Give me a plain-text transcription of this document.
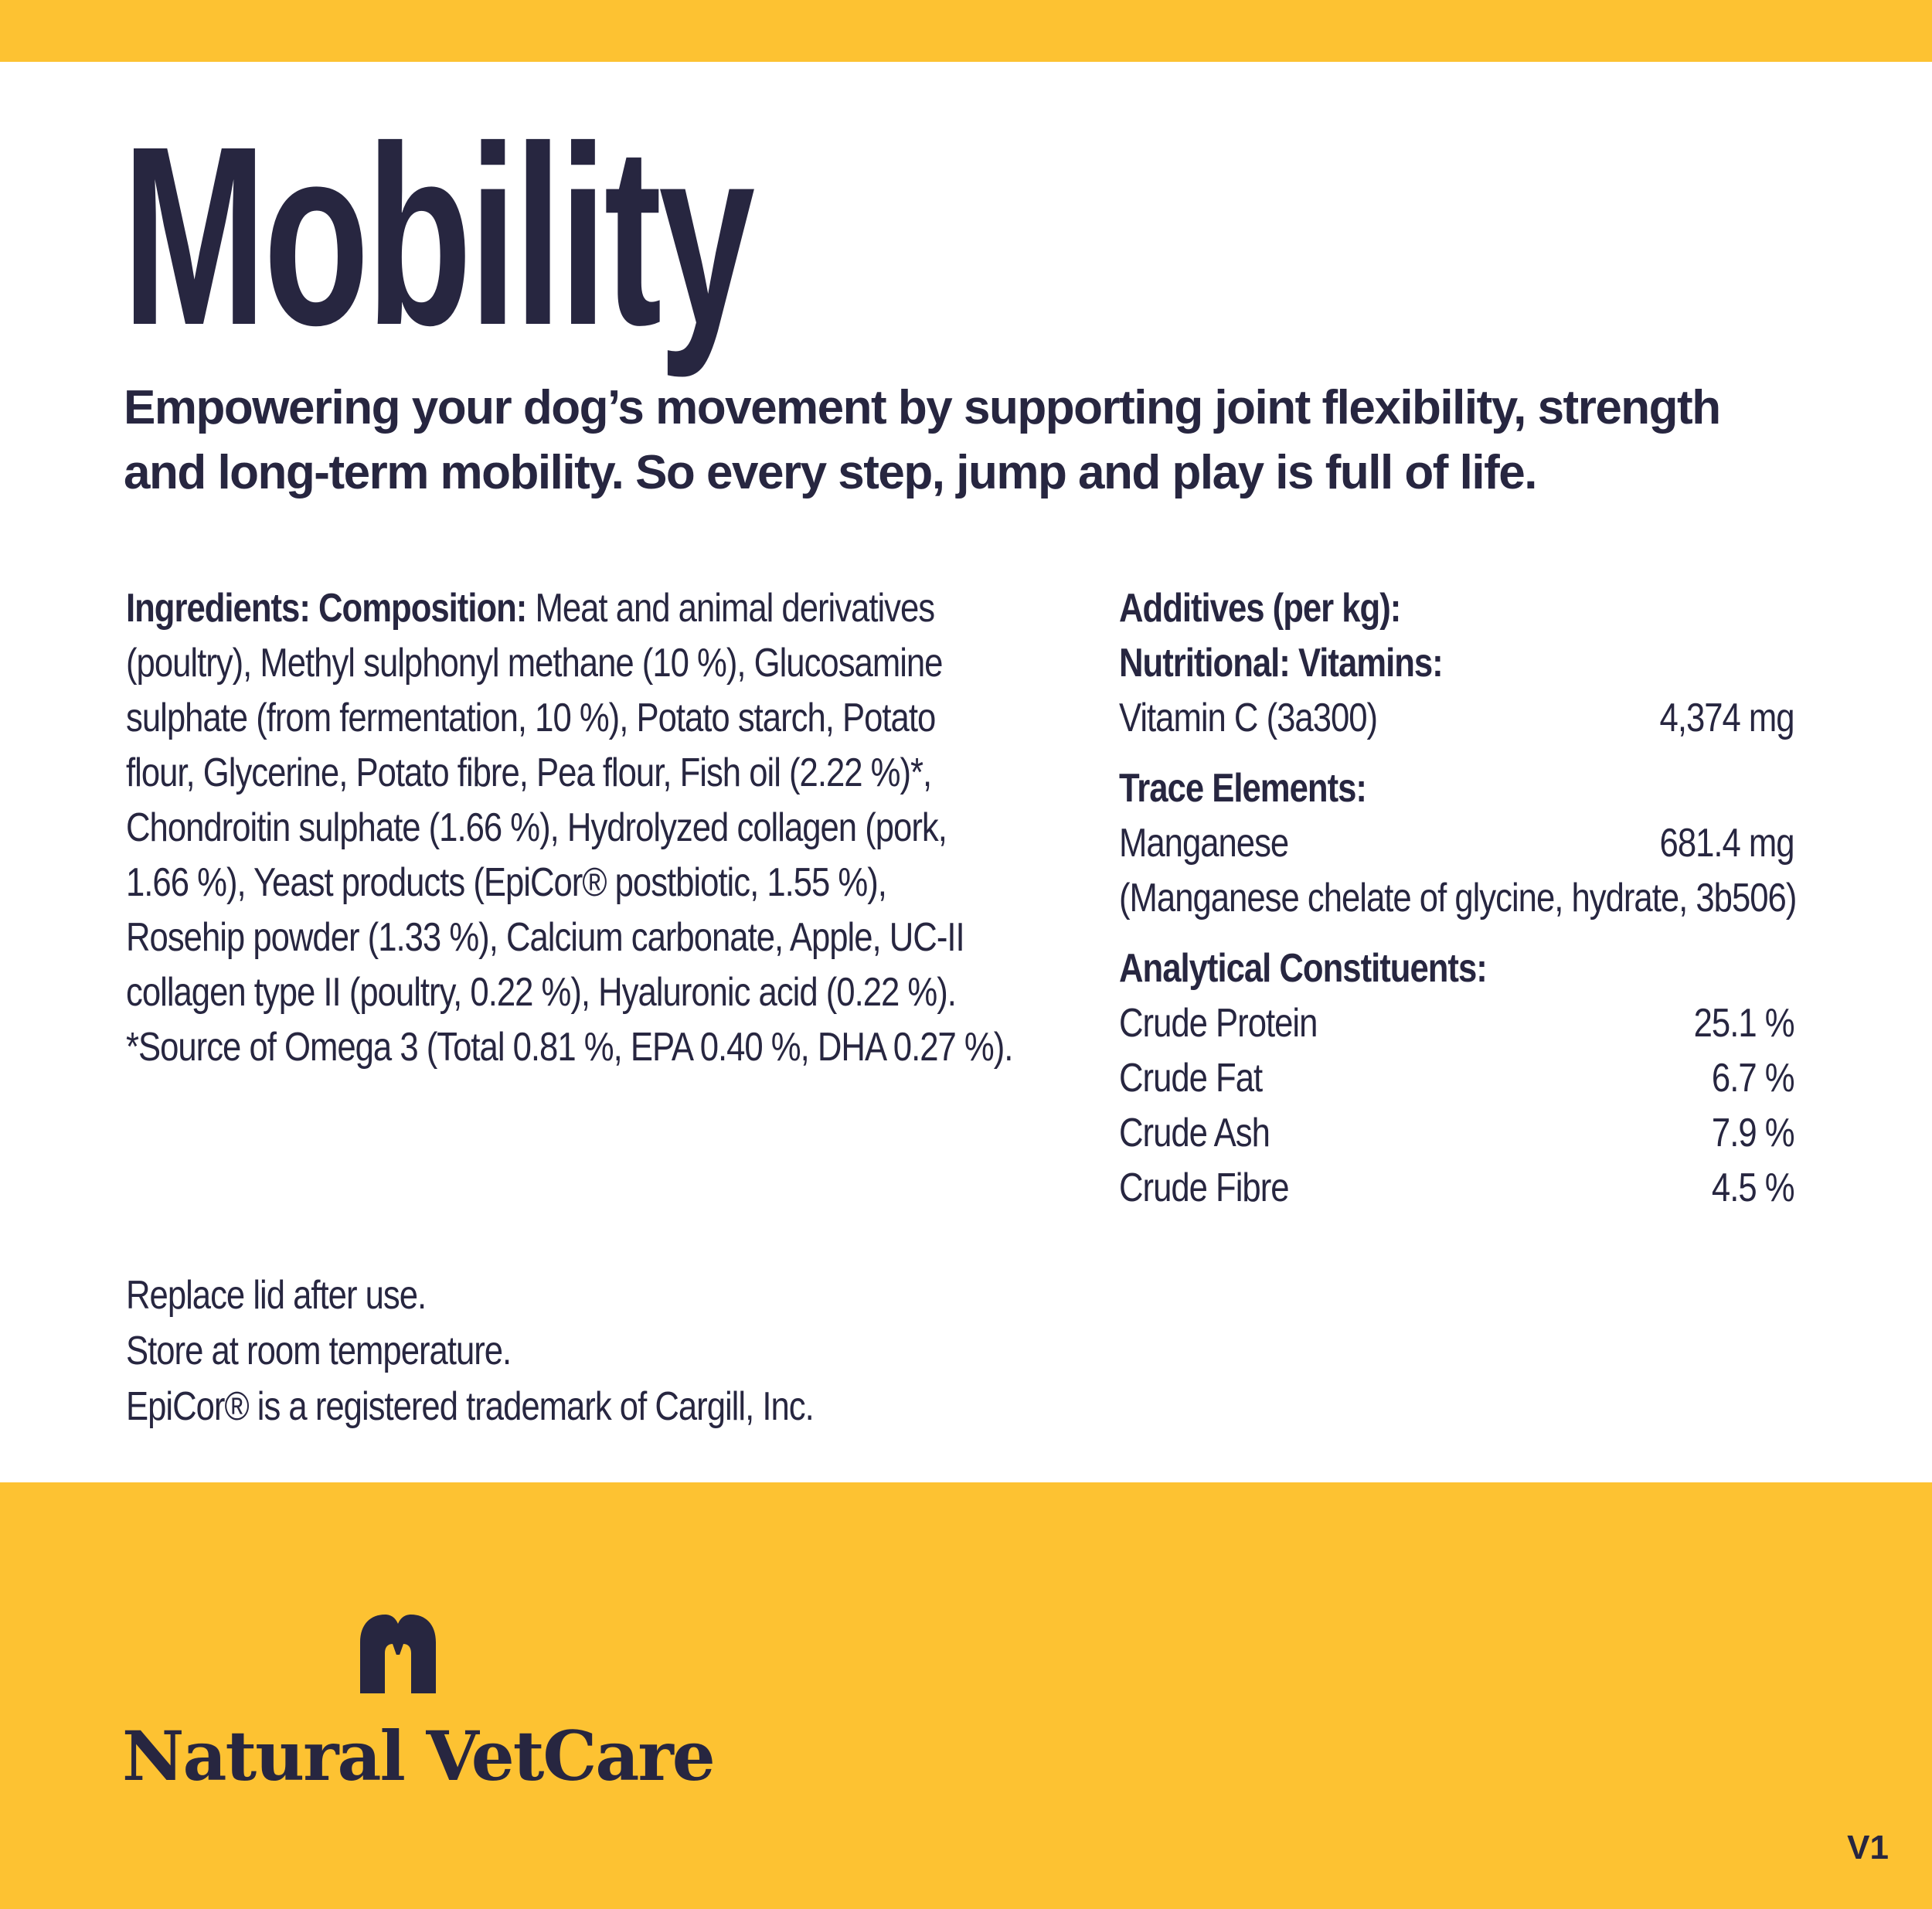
Mobility

Empowering your dog’s movement by supporting joint flexibility, strength
and long-term mobility. So every step, jump and play is full of life.

Ingredients: Composition: Meat and animal derivatives
(poultry), Methyl sulphonyl methane (10 %), Glucosamine
sulphate (from fermentation, 10 %), Potato starch, Potato
flour, Glycerine, Potato fibre, Pea flour, Fish oil (2.22 %)*,
Chondroitin sulphate (1.66 %), Hydrolyzed collagen (pork,
1.66 %), Yeast products (EpiCor® postbiotic, 1.55 %),
Rosehip powder (1.33 %), Calcium carbonate, Apple, UC-II
collagen type II (poultry, 0.22 %), Hyaluronic acid (0.22 %).
*Source of Omega 3 (Total 0.81 %, EPA 0.40 %, DHA 0.27 %).
Additives (per kg):
Nutritional: Vitamins:
Vitamin C (3a300)	4,374 mg
Trace Elements:
Manganese	681.4 mg
(Manganese chelate of glycine, hydrate, 3b506)
Analytical Constituents:
Crude Protein	25.1 %
Crude Fat	6.7 %
Crude Ash	7.9 %
Crude Fibre	4.5 %
Replace lid after use.
Store at room temperature.
EpiCor® is a registered trademark of Cargill, Inc.
Natural VetCare
V1
